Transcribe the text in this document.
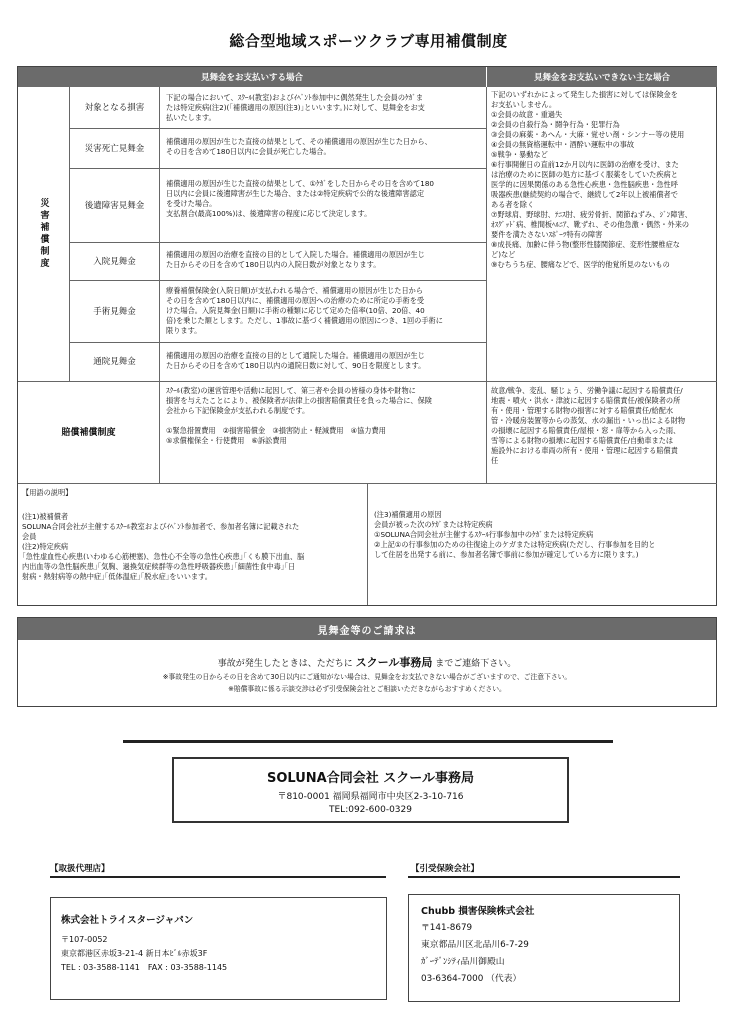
総合型地域スポーツクラブ専用補償制度
見舞金をお支払いする場合	見舞金をお支払いできない主な場合
災害補償制度
対象となる損害
下記の場合において、ｽｸｰﾙ(教室)およびｲﾍﾞﾝﾄ参加中に偶然発生した会員のｹｶﾞま
たは特定疾病(注2)(｢補償適用の原因(注3)｣といいます。)に対して、見舞金をお支
払いたします。
災害死亡見舞金
補償適用の原因が生じた直接の結果として、その補償適用の原因が生じた日から、
その日を含めて180日以内に会員が死亡した場合。
後遺障害見舞金
補償適用の原因が生じた直接の結果として、①ｹｶﾞをした日からその日を含めて180
日以内に会員に後遺障害が生じた場合、または②特定疾病で公的な後遺障害認定
を受けた場合。
支払割合(最高100%)は、後遺障害の程度に応じて決定します。
入院見舞金
補償適用の原因の治療を直接の目的として入院した場合。補償適用の原因が生じ
た日からその日を含めて180日以内の入院日数が対象となります。
手術見舞金
療養補償保険金(入院日額)が支払われる場合で、補償適用の原因が生じた日から
その日を含めて180日以内に、補償適用の原因への治療のために所定の手術を受
けた場合。入院見舞金(日額)に手術の種類に応じて定めた倍率(10倍、20倍、40
倍)を乗じた額とします。ただし、1事故に基づく補償適用の原因につき、1回の手術に
限ります。
通院見舞金
補償適用の原因の治療を直接の目的として通院した場合。補償適用の原因が生じ
た日からその日を含めて180日以内の通院日数に対して、90日を限度とします。
賠償補償制度
ｽｸｰﾙ(教室)の運営管理や活動に起因して、第三者や会員の皆様の身体や財物に
損害を与えたことにより、被保険者が法律上の損害賠償責任を負った場合に、保険
会社から下記保険金が支払われる制度です。

①緊急措置費用　②損害賠償金　③損害防止・軽減費用　④協力費用
⑤求償権保全・行使費用　⑥訴訟費用
下記のいずれかによって発生した損害に対しては保険金を
お支払いしません。
①会員の故意・重過失
②会員の自殺行為・闘争行為・犯罪行為
③会員の麻薬・あへん・大麻・覚せい剤・シンナー等の使用
④会員の無資格運転中・酒酔い運転中の事故
⑤戦争・暴動など
⑥行事開催日の直前12か月以内に医師の治療を受け、また
は治療のために医師の処方に基づく服薬をしていた疾病と
医学的に因果関係のある急性心疾患・急性脳疾患・急性呼
吸器疾患(継続契約の場合で、継続して2年以上被補償者で
ある者を除く
⑦野球肩、野球肘、ﾃﾆｽ肘、疲労骨折、関節ねずみ、ｼﾞﾝ障害、
ｵｽｸﾞｯﾄﾞ病、椎間板ﾍﾙﾆｱ、靴ずれ、その他急激・偶然・外来の
要件を満たさないｽﾎﾟｰﾂ特有の障害
⑧成長痛、加齢に伴う物(整形性膝関節症、変形性腰椎症な
ど)など
⑨むちうち症、腰痛などで、医学的他覚所見のないもの
故意/戦争、変乱、騒じょう、労働争議に起因する賠償責任/
地震・噴火・洪水・津波に起因する賠償責任/被保険者の所
有・使用・管理する財物の損害に対する賠償責任/給配水
管・冷暖房装置等からの蒸気、水の漏出・いっ出による財物
の損壊に起因する賠償責任/屋根・窓・扉等から入った雨、
雪等による財物の損壊に起因する賠償責任/自動車または
施設外における車両の所有・使用・管理に起因する賠償責
任
【用語の説明】
(注1)被補償者
SOLUNA合同会社が主催するｽｸｰﾙ教室およびｲﾍﾞﾝﾄ参加者で、参加者名簿に記載された
会員
(注2)特定疾病
｢急性虚血性心疾患(いわゆる心筋梗塞)、急性心不全等の急性心疾患｣｢くも膜下出血、脳
内出血等の急性脳疾患｣｢気胸、過換気症候群等の急性呼吸器疾患｣｢細菌性食中毒｣｢日
射病・熱射病等の熱中症｣｢低体温症｣｢脱水症｣をいいます。
(注3)補償適用の原因
会員が被った次のｹｶﾞまたは特定疾病
①SOLUNA合同会社が主催するｽｸｰﾙ行事参加中のｹｶﾞまたは特定疾病
②上記①の行事参加のための往復途上のケガまたは特定疾病(ただし、行事参加を目的と
して住居を出発する前に、参加者名簿で事前に参加が確定している方に限ります。)
見舞金等のご請求は
事故が発生したときは、ただちに スクール事務局 までご連絡下さい。
※事故発生の日からその日を含めて30日以内にご通知がない場合は、見舞金をお支払できない場合がございますので、ご注意下さい。
※賠償事故に係る示談交渉は必ず引受保険会社とご相談いただきながらおすすめください。
SOLUNA合同会社 スクール事務局
〒810-0001 福岡県福岡市中央区2-3-10-716
TEL:092-600-0329
【取扱代理店】	【引受保険会社】
株式会社トライスタージャパン
〒107-0052
東京都港区赤坂3-21-4 新日本ﾋﾞﾙ赤坂3F
TEL : 03-3588-1141　FAX : 03-3588-1145
Chubb 損害保険株式会社
〒141-8679
東京都品川区北品川6-7-29
ｶﾞｰﾃﾞﾝｼﾃｨ品川御殿山
03-6364-7000 （代表）
